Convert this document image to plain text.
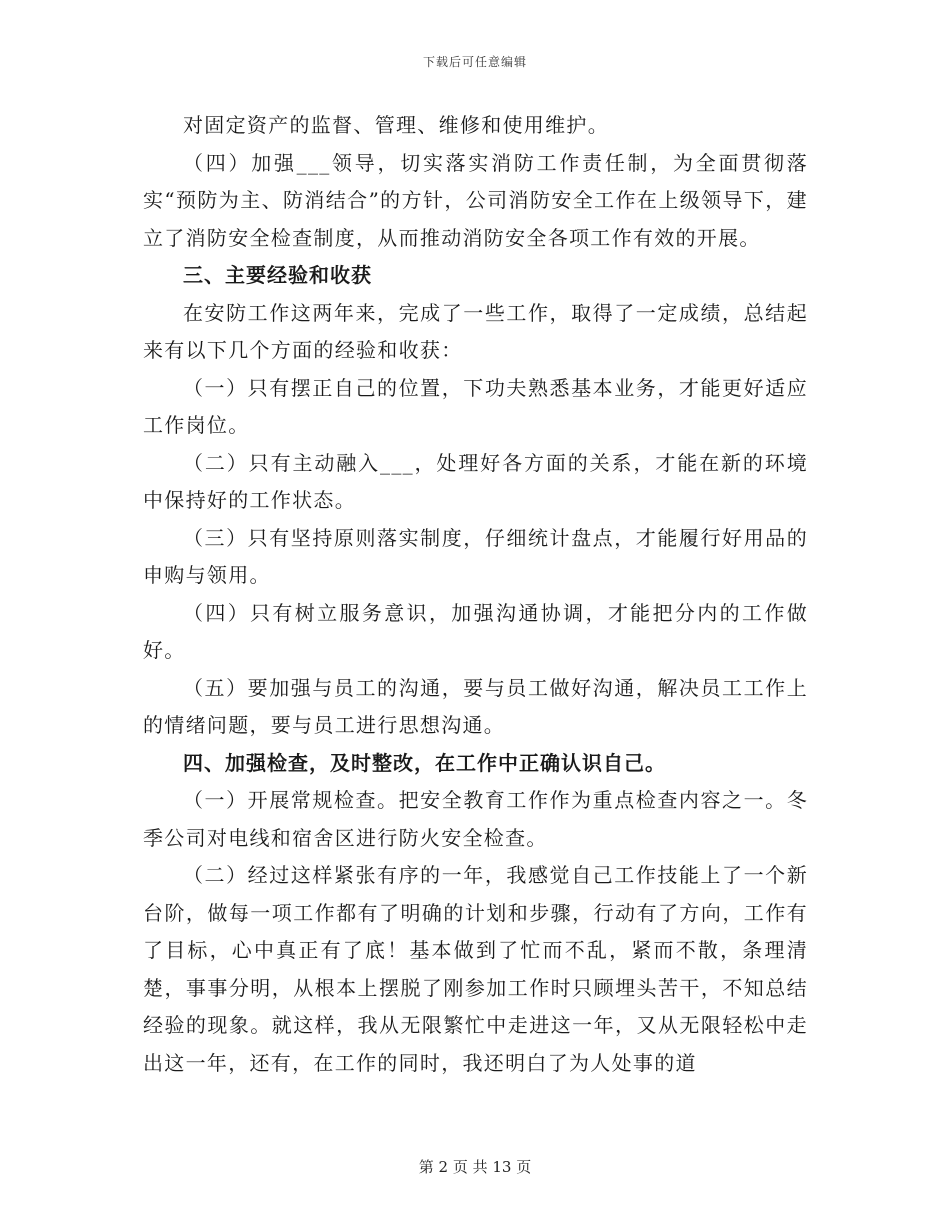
下载后可任意编辑

对固定资产的监督、管理、维修和使用维护。

（四）加强___领导，切实落实消防工作责任制，为全面贯彻落实“预防为主、防消结合”的方针，公司消防安全工作在上级领导下，建立了消防安全检查制度，从而推动消防安全各项工作有效的开展。

三、主要经验和收获

在安防工作这两年来，完成了一些工作，取得了一定成绩，总结起来有以下几个方面的经验和收获：

（一）只有摆正自己的位置，下功夫熟悉基本业务，才能更好适应工作岗位。

（二）只有主动融入___，处理好各方面的关系，才能在新的环境中保持好的工作状态。

（三）只有坚持原则落实制度，仔细统计盘点，才能履行好用品的申购与领用。

（四）只有树立服务意识，加强沟通协调，才能把分内的工作做好。

（五）要加强与员工的沟通，要与员工做好沟通，解决员工工作上的情绪问题，要与员工进行思想沟通。

四、加强检查，及时整改，在工作中正确认识自己。

（一）开展常规检查。把安全教育工作作为重点检查内容之一。冬季公司对电线和宿舍区进行防火安全检查。

（二）经过这样紧张有序的一年，我感觉自己工作技能上了一个新台阶，做每一项工作都有了明确的计划和步骤，行动有了方向，工作有了目标，心中真正有了底！基本做到了忙而不乱，紧而不散，条理清楚，事事分明，从根本上摆脱了刚参加工作时只顾埋头苦干，不知总结经验的现象。就这样，我从无限繁忙中走进这一年，又从无限轻松中走出这一年，还有，在工作的同时，我还明白了为人处事的道

第 2 页 共 13 页
